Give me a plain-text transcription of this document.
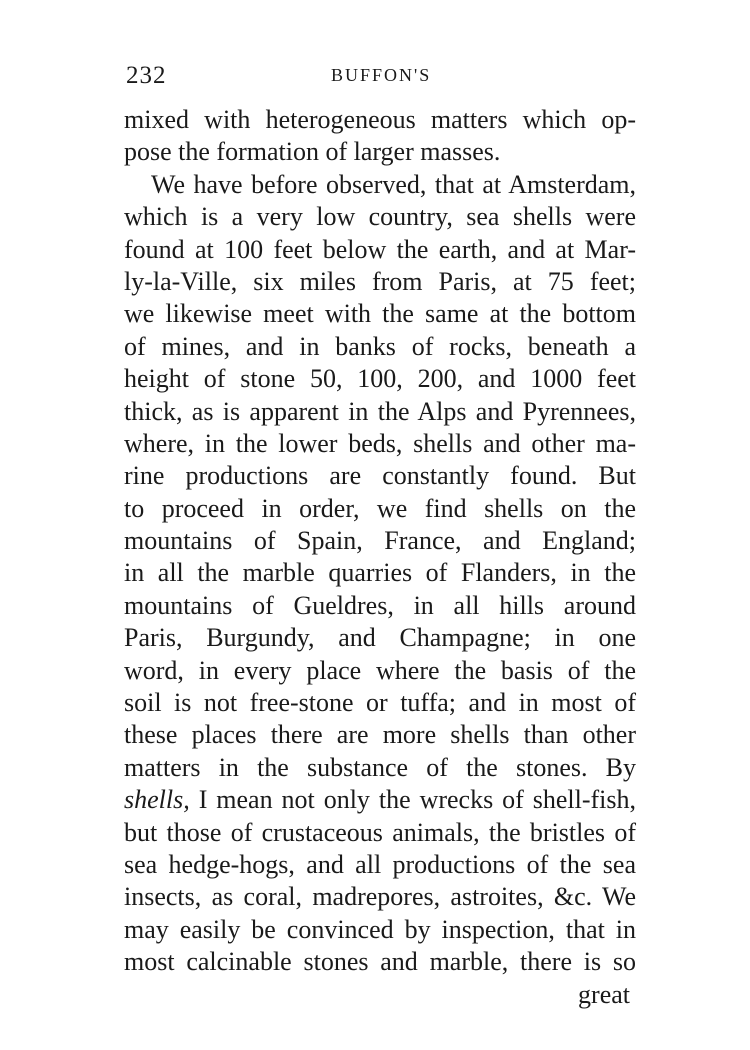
232	BUFFON'S
mixed with heterogeneous matters which op-
pose the formation of larger masses.
We have before observed, that at Amsterdam,
which is a very low country, sea shells were
found at 100 feet below the earth, and at Mar-
ly-la-Ville, six miles from Paris, at 75 feet;
we likewise meet with the same at the bottom
of mines, and in banks of rocks, beneath a
height of stone 50, 100, 200, and 1000 feet
thick, as is apparent in the Alps and Pyrennees,
where, in the lower beds, shells and other ma-
rine productions are constantly found. But
to proceed in order, we find shells on the
mountains of Spain, France, and England;
in all the marble quarries of Flanders, in the
mountains of Gueldres, in all hills around
Paris, Burgundy, and Champagne; in one
word, in every place where the basis of the
soil is not free-stone or tuffa; and in most of
these places there are more shells than other
matters in the substance of the stones. By
shells, I mean not only the wrecks of shell-fish,
but those of crustaceous animals, the bristles of
sea hedge-hogs, and all productions of the sea
insects, as coral, madrepores, astroites, &c. We
may easily be convinced by inspection, that in
most calcinable stones and marble, there is so
great
